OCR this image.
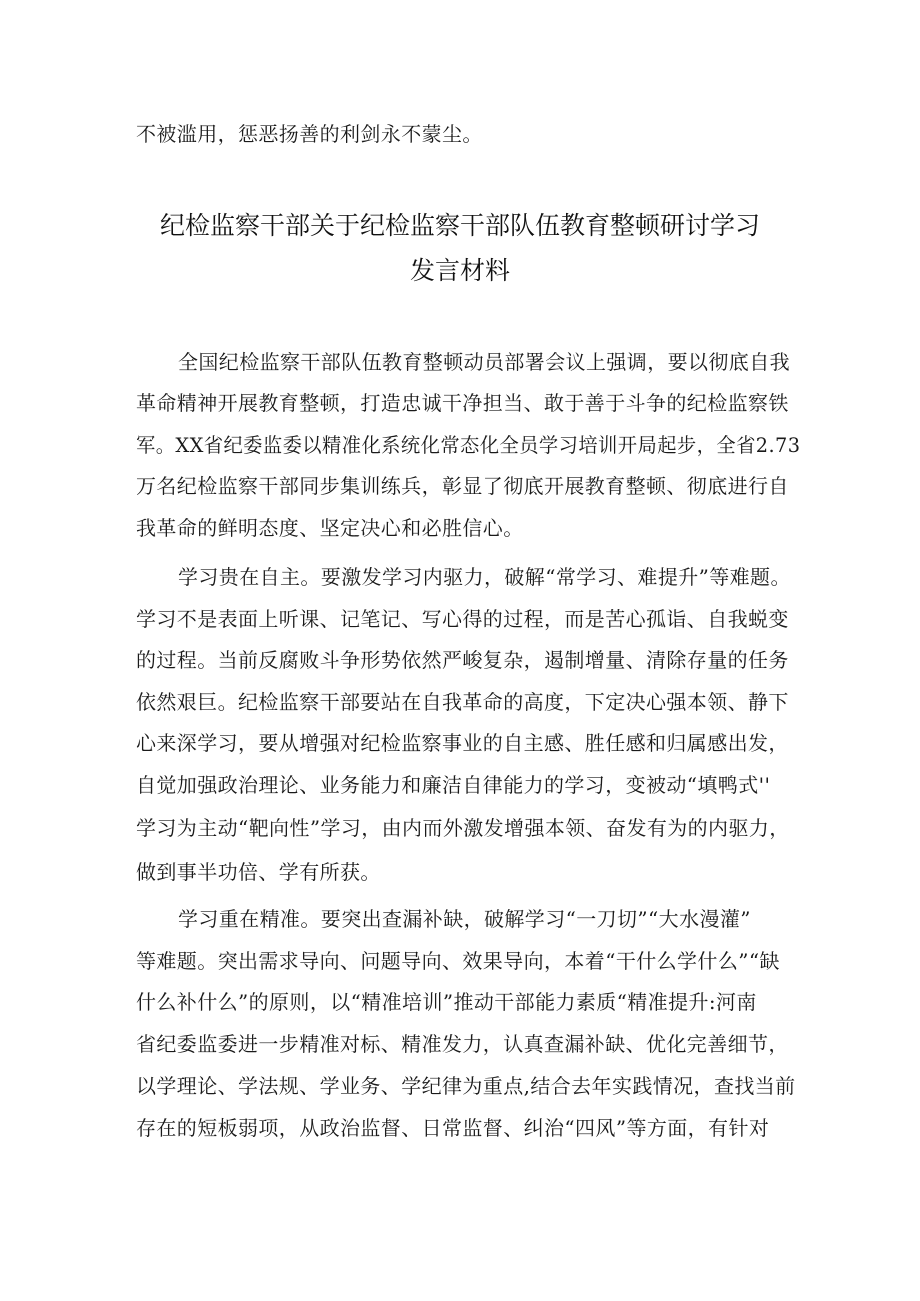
不被滥用，惩恶扬善的利剑永不蒙尘。
纪检监察干部关于纪检监察干部队伍教育整顿研讨学习
发言材料
全国纪检监察干部队伍教育整顿动员部署会议上强调，要以彻底自我
革命精神开展教育整顿，打造忠诚干净担当、敢于善于斗争的纪检监察铁
军。XX省纪委监委以精准化系统化常态化全员学习培训开局起步，全省2.73
万名纪检监察干部同步集训练兵，彰显了彻底开展教育整顿、彻底进行自
我革命的鲜明态度、坚定决心和必胜信心。
学习贵在自主。要激发学习内驱力，破解“常学习、难提升”等难题。
学习不是表面上听课、记笔记、写心得的过程，而是苦心孤诣、自我蜕变
的过程。当前反腐败斗争形势依然严峻复杂，遏制增量、清除存量的任务
依然艰巨。纪检监察干部要站在自我革命的高度，下定决心强本领、静下
心来深学习，要从增强对纪检监察事业的自主感、胜任感和归属感出发，
自觉加强政治理论、业务能力和廉洁自律能力的学习，变被动“填鸭式''
学习为主动“靶向性”学习，由内而外激发增强本领、奋发有为的内驱力，
做到事半功倍、学有所获。
学习重在精准。要突出查漏补缺，破解学习“一刀切”“大水漫灌”
等难题。突出需求导向、问题导向、效果导向，本着“干什么学什么”“缺
什么补什么”的原则，以“精准培训”推动干部能力素质“精准提升:河南
省纪委监委进一步精准对标、精准发力，认真查漏补缺、优化完善细节，
以学理论、学法规、学业务、学纪律为重点,结合去年实践情况，查找当前
存在的短板弱项，从政治监督、日常监督、纠治“四风”等方面，有针对
